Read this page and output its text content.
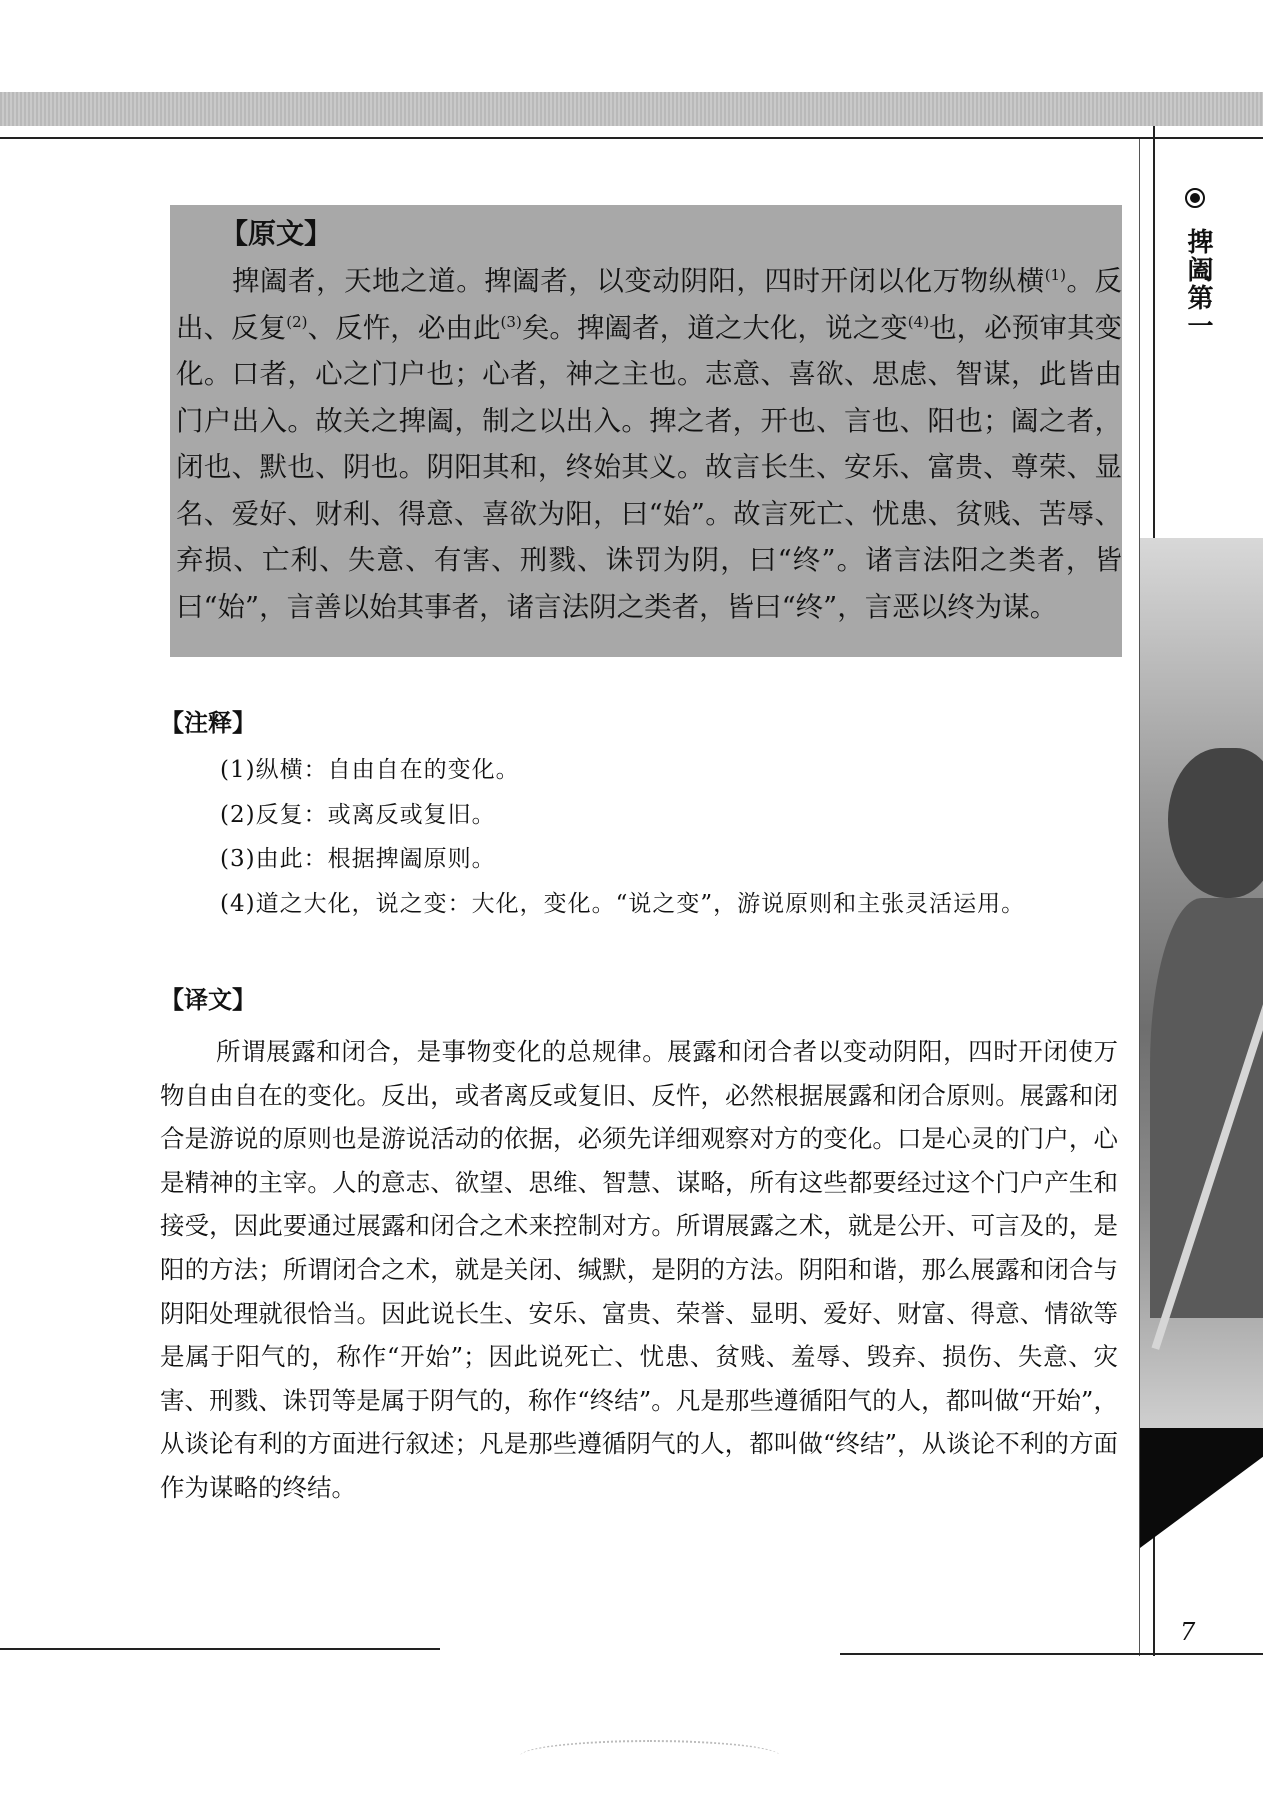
捭阖第一
【原文】

捭阖者，天地之道。捭阖者，以变动阴阳，四时开闭以化万物纵横$^{(1)}$。反出、反复$^{(2)}$、反忤，必由此$^{(3)}$矣。捭阖者，道之大化，说之变$^{(4)}$也，必预审其变化。口者，心之门户也；心者，神之主也。志意、喜欲、思虑、智谋，此皆由门户出入。故关之捭阖，制之以出入。捭之者，开也、言也、阳也；阖之者，闭也、默也、阴也。阴阳其和，终始其义。故言长生、安乐、富贵、尊荣、显名、爱好、财利、得意、喜欲为阳，曰“始”。故言死亡、忧患、贫贱、苦辱、弃损、亡利、失意、有害、刑戮、诛罚为阴，曰“终”。诸言法阳之类者，皆曰“始”，言善以始其事者，诸言法阴之类者，皆曰“终”，言恶以终为谋。

【注释】
(1)纵横：自由自在的变化。
(2)反复：或离反或复旧。
(3)由此：根据捭阖原则。
(4)道之大化，说之变：大化，变化。“说之变”，游说原则和主张灵活运用。
【译文】

所谓展露和闭合，是事物变化的总规律。展露和闭合者以变动阴阳，四时开闭使万物自由自在的变化。反出，或者离反或复旧、反忤，必然根据展露和闭合原则。展露和闭合是游说的原则也是游说活动的依据，必须先详细观察对方的变化。口是心灵的门户，心是精神的主宰。人的意志、欲望、思维、智慧、谋略，所有这些都要经过这个门户产生和接受，因此要通过展露和闭合之术来控制对方。所谓展露之术，就是公开、可言及的，是阳的方法；所谓闭合之术，就是关闭、缄默，是阴的方法。阴阳和谐，那么展露和闭合与阴阳处理就很恰当。因此说长生、安乐、富贵、荣誉、显明、爱好、财富、得意、情欲等是属于阳气的，称作“开始”；因此说死亡、忧患、贫贱、羞辱、毁弃、损伤、失意、灾害、刑戮、诛罚等是属于阴气的，称作“终结”。凡是那些遵循阳气的人，都叫做“开始”，从谈论有利的方面进行叙述；凡是那些遵循阴气的人，都叫做“终结”，从谈论不利的方面作为谋略的终结。

7
